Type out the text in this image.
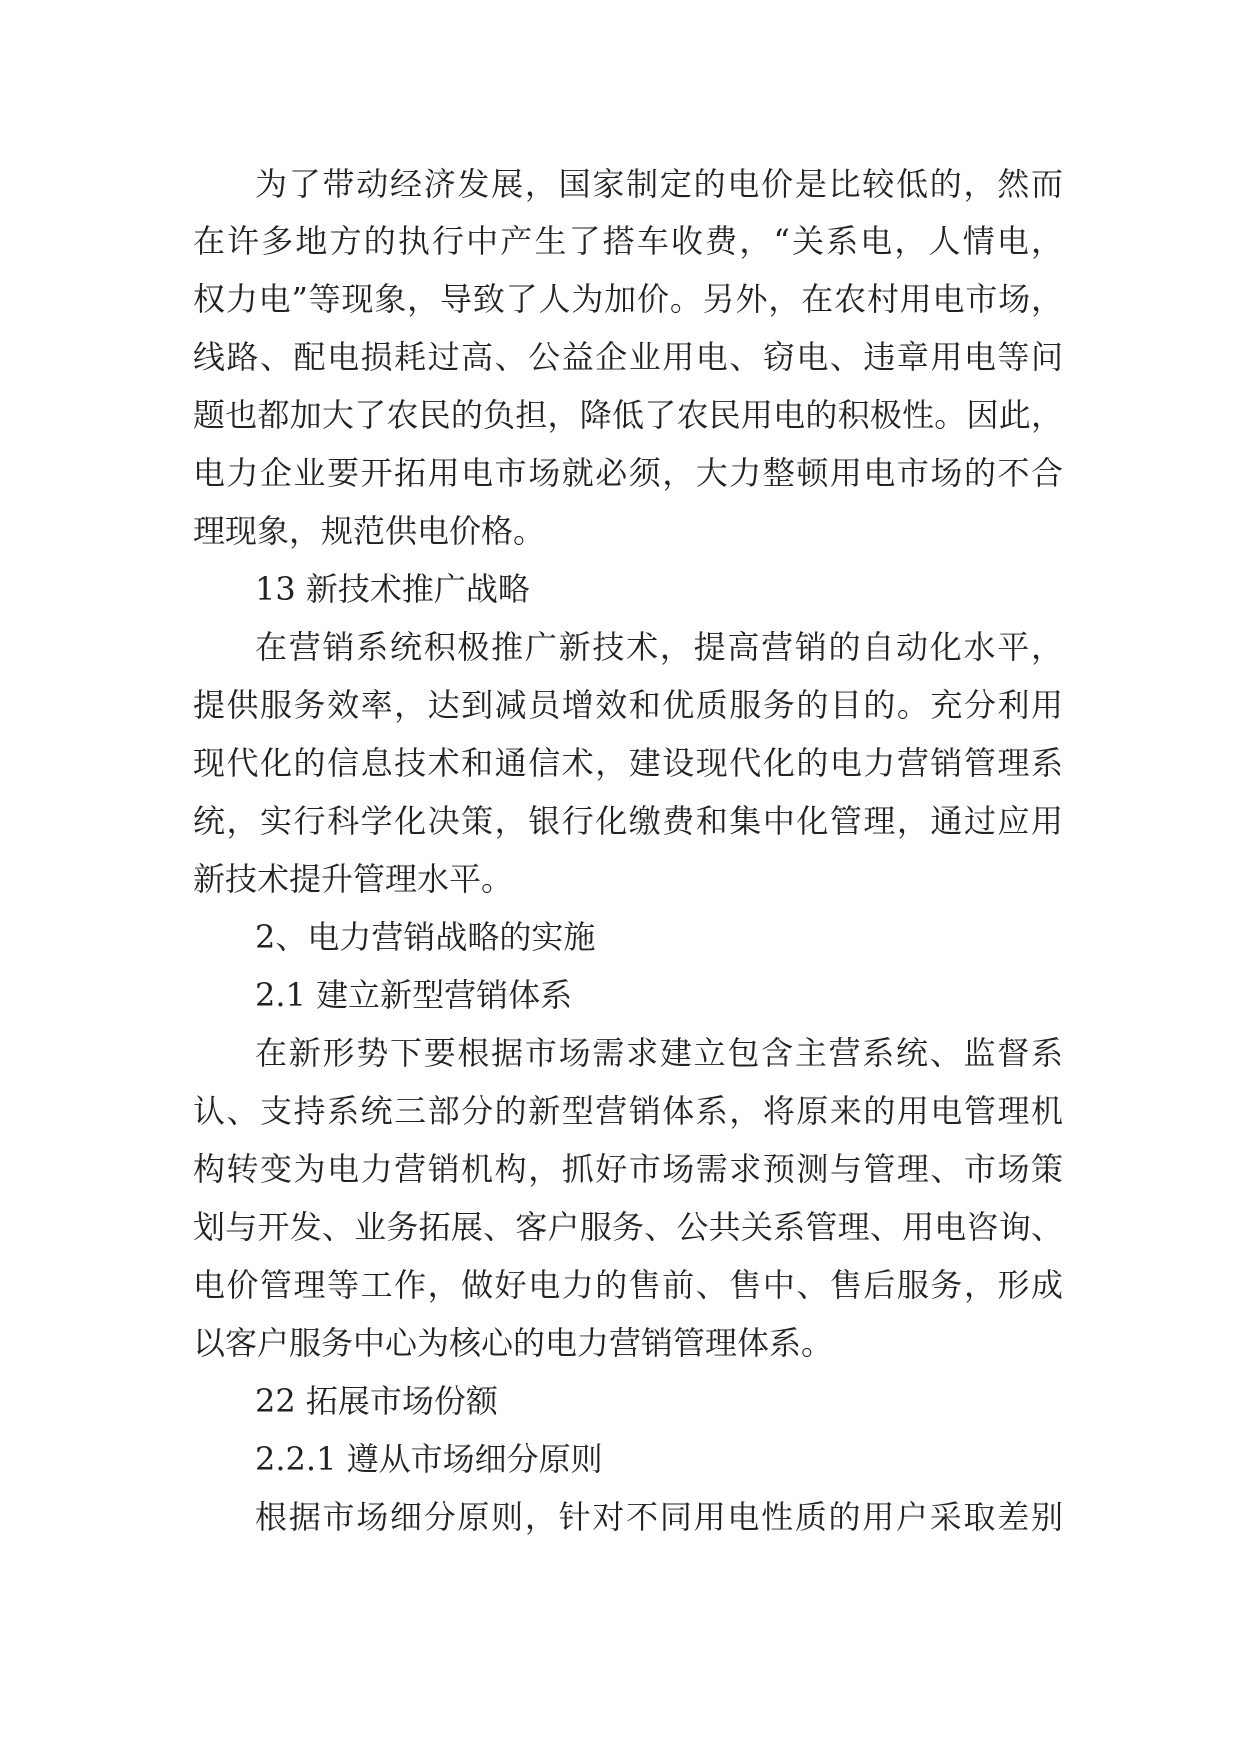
为了带动经济发展，国家制定的电价是比较低的，然而
在许多地方的执行中产生了搭车收费，“关系电，人情电，
权力电”等现象，导致了人为加价。另外，在农村用电市场，
线路、配电损耗过高、公益企业用电、窃电、违章用电等问
题也都加大了农民的负担，降低了农民用电的积极性。因此，
电力企业要开拓用电市场就必须，大力整顿用电市场的不合
理现象，规范供电价格。
13 新技术推广战略
在营销系统积极推广新技术，提高营销的自动化水平，
提供服务效率，达到减员增效和优质服务的目的。充分利用
现代化的信息技术和通信术，建设现代化的电力营销管理系
统，实行科学化决策，银行化缴费和集中化管理，通过应用
新技术提升管理水平。
2、电力营销战略的实施
2.1 建立新型营销体系
在新形势下要根据市场需求建立包含主营系统、监督系
认、支持系统三部分的新型营销体系，将原来的用电管理机
构转变为电力营销机构，抓好市场需求预测与管理、市场策
划与开发、业务拓展、客户服务、公共关系管理、用电咨询、
电价管理等工作，做好电力的售前、售中、售后服务，形成
以客户服务中心为核心的电力营销管理体系。
22 拓展市场份额
2.2.1 遵从市场细分原则
根据市场细分原则，针对不同用电性质的用户采取差别
